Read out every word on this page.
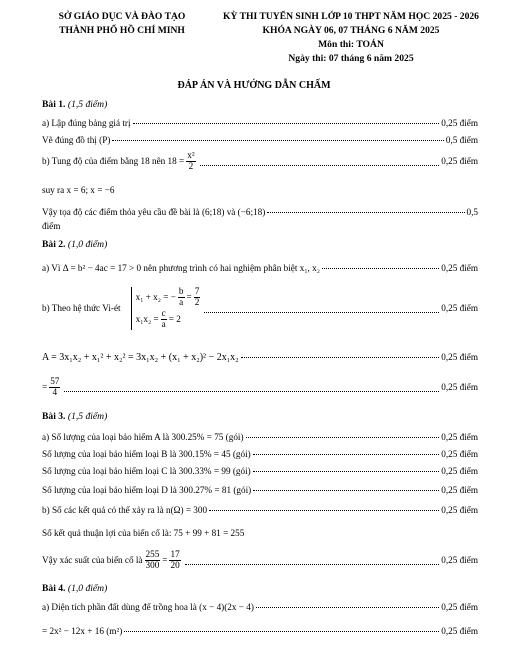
SỞ GIÁO DỤC VÀ ĐÀO TẠO
THÀNH PHỐ HỒ CHÍ MINH
KỲ THI TUYỂN SINH LỚP 10 THPT NĂM HỌC 2025 - 2026
KHÓA NGÀY 06, 07 THÁNG 6 NĂM 2025
Môn thi: TOÁN
Ngày thi: 07 tháng 6 năm 2025
ĐÁP ÁN VÀ HƯỚNG DẪN CHẤM
Bài 1. (1,5 điểm)
a) Lập đúng bảng giá trị	0,25 điểm
Vẽ đúng đồ thị (P)	0,5 điểm
b) Tung độ của điểm bằng 18 nên $18 = \frac{\text{x²}}{2}$	0,25 điểm
suy ra x = 6; x = −6
Vậy tọa độ các điểm thỏa yêu cầu đề bài là (6;18) và (−6;18)	0,5
điểm
Bài 2. (1,0 điểm)
a) Vì Δ = b² − 4ac = 17 > 0 nên phương trình có hai nghiệm phân biệt x₁, x₂	0,25 điểm
b) Theo hệ thức Vi-ét
x₁ + x₂ = − $\frac{b}{a} = \frac{7}{2}$
$x_1x_2 = \frac{c}{a} = 2$
0,25 điểm
A = 3x₁x₂ + x₁² + x₂² = 3x₁x₂ + (x₁ + x₂)² − 2x₁x₂	0,25 điểm
= $\frac{57}{4}$	0,25 điểm
Bài 3. (1,5 điểm)
a) Số lượng của loại bảo hiểm A là 300.25% = 75 (gói)	0,25 điểm
Số lượng của loại bảo hiểm loại B là 300.15% = 45 (gói)	0,25 điểm
Số lượng của loại bảo hiểm loại C là 300.33% = 99 (gói)	0,25 điểm
Số lượng của loại bảo hiểm loại D là 300.27% = 81 (gói)	0,25 điểm
b) Số các kết quả có thể xảy ra là n(Ω) = 300	0,25 điểm
Số kết quả thuận lợi của biến cố là: 75 + 99 + 81 = 255
Vậy xác suất của biến cố là $\frac{255}{300} = \frac{17}{20}$	0,25 điểm
Bài 4. (1,0 điểm)
a) Diện tích phần đất dùng để trồng hoa là (x − 4)(2x − 4)	0,25 điểm
= 2x² − 12x + 16 (m²)	0,25 điểm
